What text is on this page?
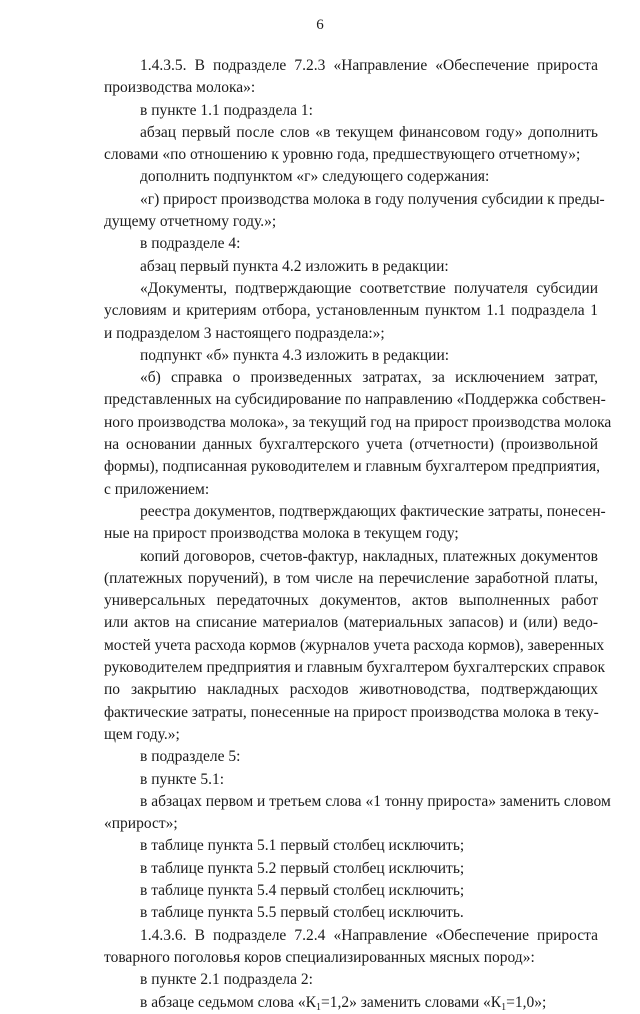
6
1.4.3.5. В подразделе 7.2.3 «Направление «Обеспечение прироста
производства молока»:
в пункте 1.1 подраздела 1:
абзац первый после слов «в текущем финансовом году» дополнить
словами «по отношению к уровню года, предшествующего отчетному»;
дополнить подпунктом «г» следующего содержания:
«г) прирост производства молока в году получения субсидии к преды-
дущему отчетному году.»;
в подразделе 4:
абзац первый пункта 4.2 изложить в редакции:
«Документы, подтверждающие соответствие получателя субсидии
условиям и критериям отбора, установленным пунктом 1.1 подраздела 1
и подразделом 3 настоящего подраздела:»;
подпункт «б» пункта 4.3 изложить в редакции:
«б) справка о произведенных затратах, за исключением затрат,
представленных на субсидирование по направлению «Поддержка собствен-
ного производства молока», за текущий год на прирост производства молока
на основании данных бухгалтерского учета (отчетности) (произвольной
формы), подписанная руководителем и главным бухгалтером предприятия,
с приложением:
реестра документов, подтверждающих фактические затраты, понесен-
ные на прирост производства молока в текущем году;
копий договоров, счетов-фактур, накладных, платежных документов
(платежных поручений), в том числе на перечисление заработной платы,
универсальных передаточных документов, актов выполненных работ
или актов на списание материалов (материальных запасов) и (или) ведо-
мостей учета расхода кормов (журналов учета расхода кормов), заверенных
руководителем предприятия и главным бухгалтером бухгалтерских справок
по закрытию накладных расходов животноводства, подтверждающих
фактические затраты, понесенные на прирост производства молока в теку-
щем году.»;
в подразделе 5:
в пункте 5.1:
в абзацах первом и третьем слова «1 тонну прироста» заменить словом
«прирост»;
в таблице пункта 5.1 первый столбец исключить;
в таблице пункта 5.2 первый столбец исключить;
в таблице пункта 5.4 первый столбец исключить;
в таблице пункта 5.5 первый столбец исключить.
1.4.3.6. В подразделе 7.2.4 «Направление «Обеспечение прироста
товарного поголовья коров специализированных мясных пород»:
в пункте 2.1 подраздела 2:
в абзаце седьмом слова «$К_1=1,2$» заменить словами «$К_1=1,0$»;
